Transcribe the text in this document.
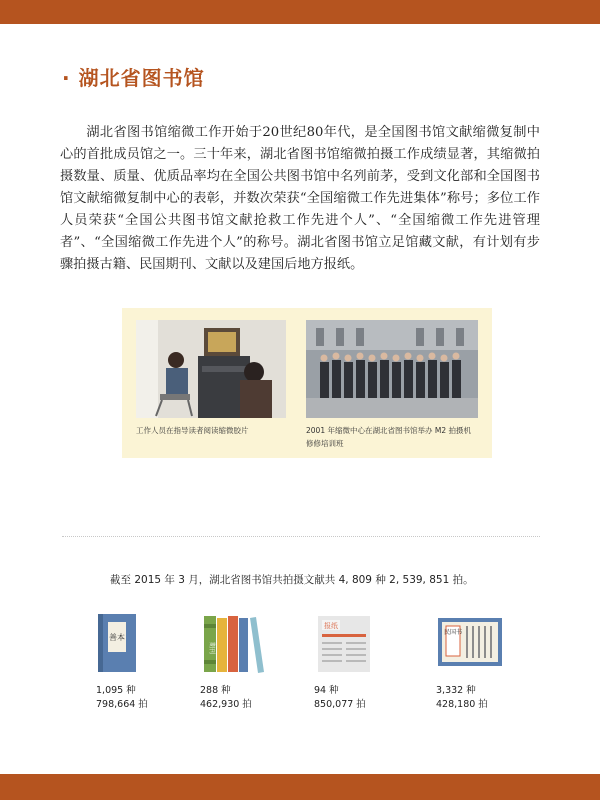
· 湖北省图书馆

湖北省图书馆缩微工作开始于20世纪80年代，是全国图书馆文献缩微复制中心的首批成员馆之一。三十年来，湖北省图书馆缩微拍摄工作成绩显著，其缩微拍摄数量、质量、优质品率均在全国公共图书馆中名列前茅，受到文化部和全国图书馆文献缩微复制中心的表彰，并数次荣获“全国缩微工作先进集体”称号；多位工作人员荣获“全国公共图书馆文献抢救工作先进个人”、“全国缩微工作先进管理者”、“全国缩微工作先进个人”的称号。湖北省图书馆立足馆藏文献，有计划有步骤拍摄古籍、民国期刊、文献以及建国后地方报纸。

工作人员在指导读者阅读缩微胶片	2001 年缩微中心在湖北省图书馆举办 M2 拍摄机修修培训班
截至 2015 年 3 月，湖北省图书馆共拍摄文献共 4, 809 种 2, 539, 851 拍。
善本
1,095 种
798,664 拍
期刊
288 种
462,930 拍
报纸
94 种
850,077 拍
民国书
3,332 种
428,180 拍
